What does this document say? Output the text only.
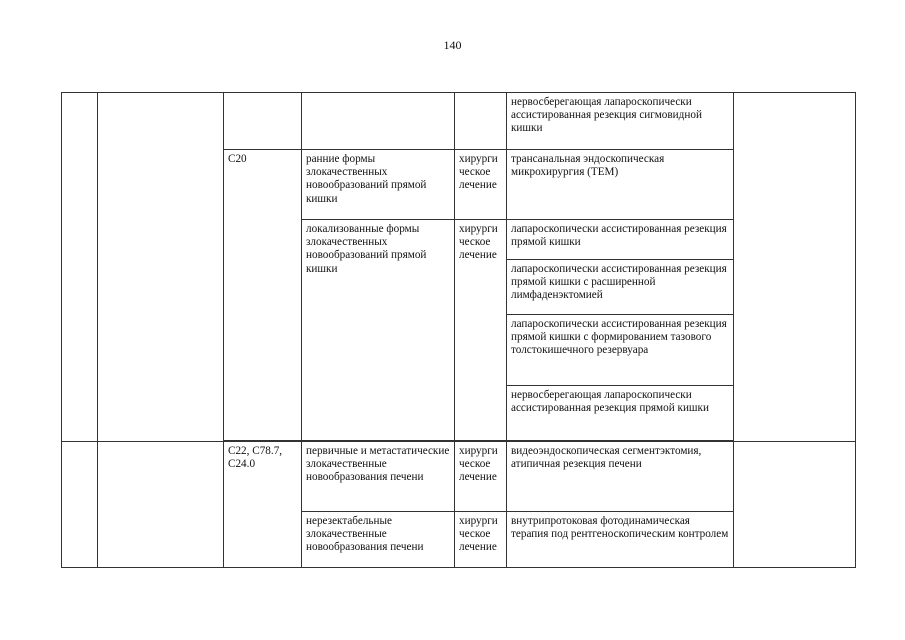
140
					нервосберегающая лапароскопически ассистированная резекция сигмовидной кишки	
		C20	ранние формы злокачественных новообразований прямой кишки	хирургическое лечение	трансанальная эндоскопическая микрохирургия (ТЕМ)	
			локализованные формы злокачественных новообразований прямой кишки	хирургическое лечение	лапароскопически ассистированная резекция прямой кишки	
					лапароскопически ассистированная резекция прямой кишки с расширенной лимфаденэктомией	
					лапароскопически ассистированная резекция прямой кишки с формированием тазового толстокишечного резервуара	
					нервосберегающая лапароскопически ассистированная резекция прямой кишки	

		C22, C78.7, C24.0	первичные и метастатические злокачественные новообразования печени	хирургическое лечение	видеоэндоскопическая сегментэктомия, атипичная резекция печени	
			нерезектабельные злокачественные новообразования печени	хирургическое лечение	внутрипротоковая фотодинамическая терапия под рентгеноскопическим контролем	
